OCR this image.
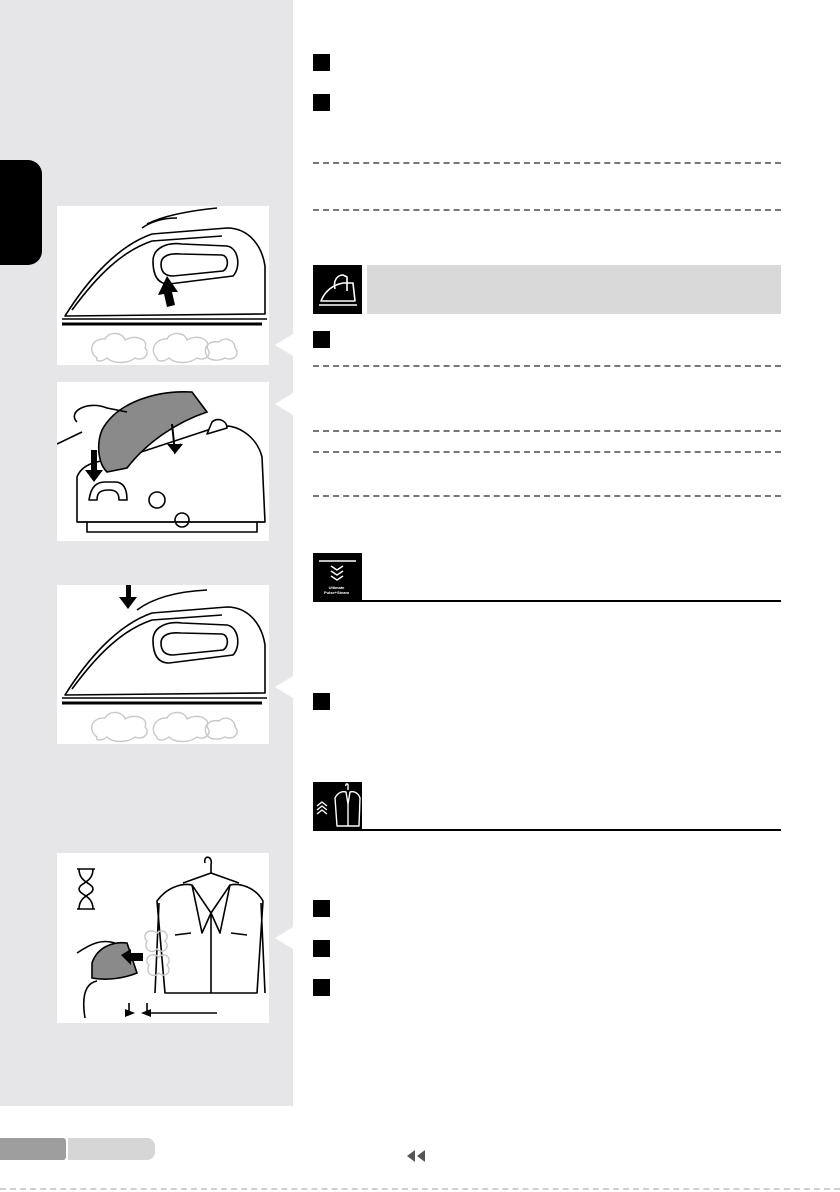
Ultimate
Pulse+Steam
